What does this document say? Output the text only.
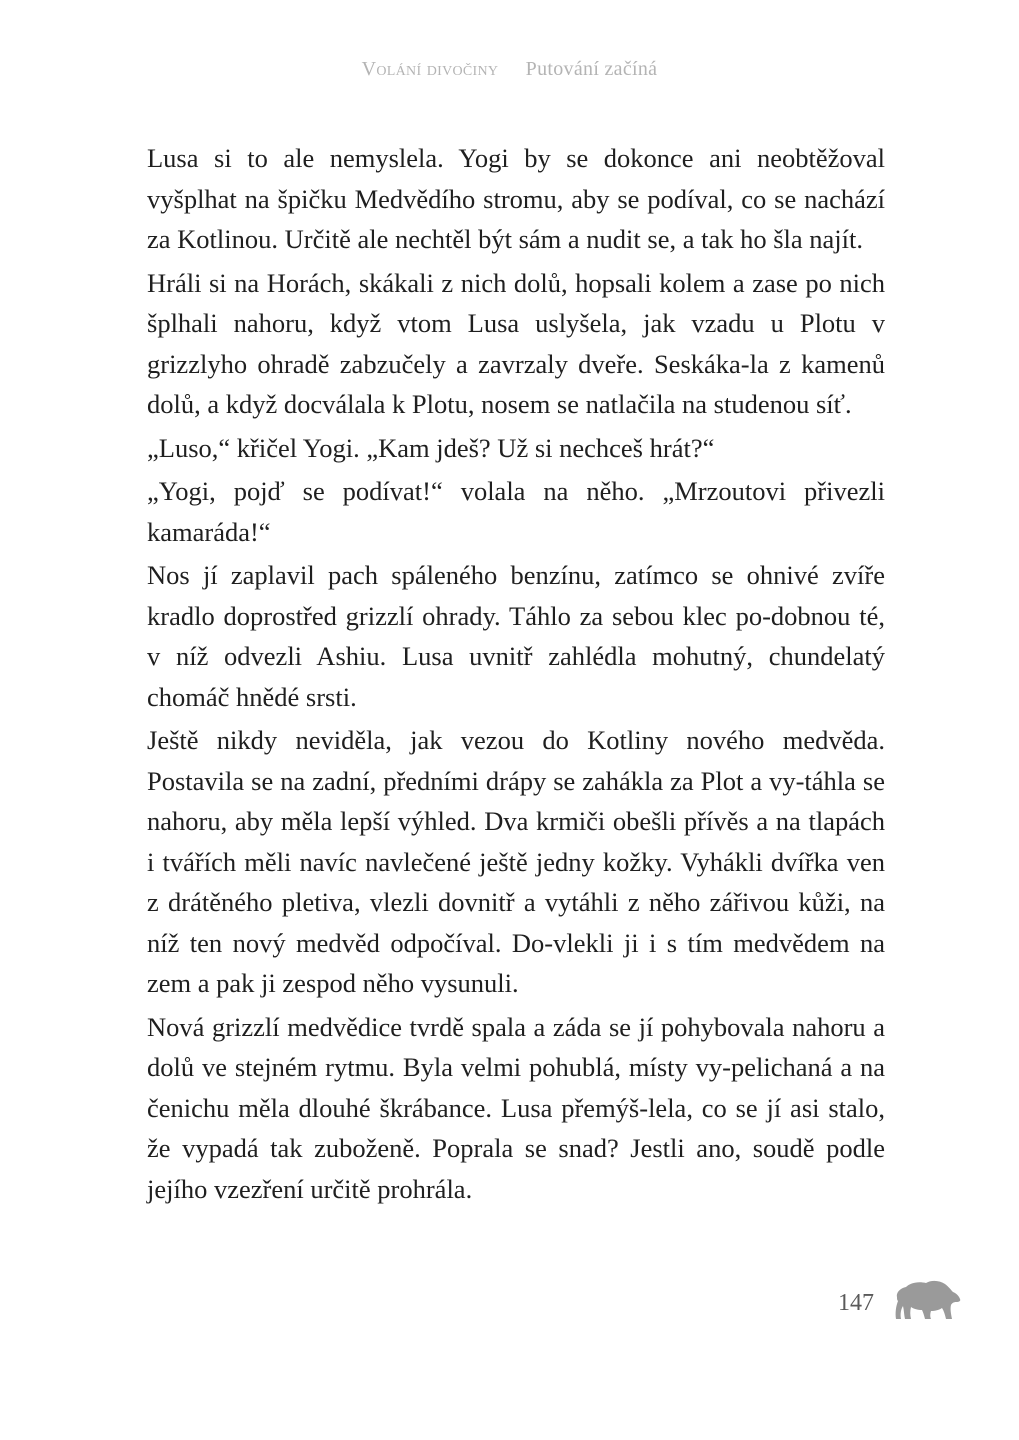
Volání divočiny Putování začíná

Lusa si to ale nemyslela. Yogi by se dokonce ani neobtěžoval vyšplhat na špičku Medvědího stromu, aby se podíval, co se nachází za Kotlinou. Určitě ale nechtěl být sám a nudit se, a tak ho šla najít.

Hráli si na Horách, skákali z nich dolů, hopsali kolem a zase po nich šplhali nahoru, když vtom Lusa uslyšela, jak vzadu u Plotu v grizzlyho ohradě zabzučely a zavrzaly dveře. Seskáka-la z kamenů dolů, a když docválala k Plotu, nosem se natlačila na studenou síť.

„Luso,“ křičel Yogi. „Kam jdeš? Už si nechceš hrát?“

„Yogi, pojď se podívat!“ volala na něho. „Mrzoutovi přivezli kamaráda!“

Nos jí zaplavil pach spáleného benzínu, zatímco se ohnivé zvíře kradlo doprostřed grizzlí ohrady. Táhlo za sebou klec po-dobnou té, v níž odvezli Ashiu. Lusa uvnitř zahlédla mohutný, chundelatý chomáč hnědé srsti.

Ještě nikdy neviděla, jak vezou do Kotliny nového medvěda. Postavila se na zadní, předními drápy se zahákla za Plot a vy-táhla se nahoru, aby měla lepší výhled. Dva krmiči obešli přívěs a na tlapách i tvářích měli navíc navlečené ještě jedny kožky. Vyhákli dvířka ven z drátěného pletiva, vlezli dovnitř a vytáhli z něho zářivou kůži, na níž ten nový medvěd odpočíval. Do-vlekli ji i s tím medvědem na zem a pak ji zespod něho vysunuli.

Nová grizzlí medvědice tvrdě spala a záda se jí pohybovala nahoru a dolů ve stejném rytmu. Byla velmi pohublá, místy vy-pelichaná a na čenichu měla dlouhé škrábance. Lusa přemýš-lela, co se jí asi stalo, že vypadá tak zuboženě. Poprala se snad? Jestli ano, soudě podle jejího vzezření určitě prohrála.

147
